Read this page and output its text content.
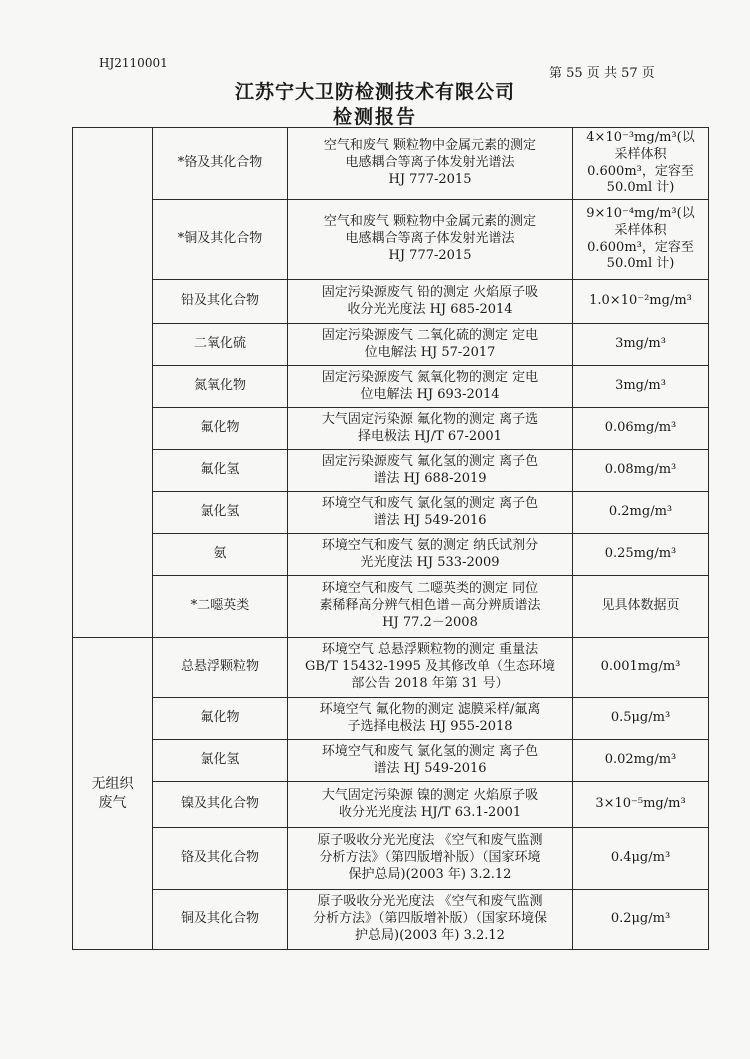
HJ2110001
第 55 页 共 57 页
江苏宁大卫防检测技术有限公司
检测报告
	*铬及其化合物	空气和废气 颗粒物中金属元素的测定
电感耦合等离子体发射光谱法
HJ 777-2015	4×10⁻³mg/m³(以
采样体积
0.600m³，定容至
50.0ml 计)
	*铜及其化合物	空气和废气 颗粒物中金属元素的测定
电感耦合等离子体发射光谱法
HJ 777-2015	9×10⁻⁴mg/m³(以
采样体积
0.600m³，定容至
50.0ml 计)
	铅及其化合物	固定污染源废气 铅的测定 火焰原子吸
收分光光度法 HJ 685-2014	1.0×10⁻²mg/m³
	二氧化硫	固定污染源废气 二氧化硫的测定 定电
位电解法 HJ 57-2017	3mg/m³
	氮氧化物	固定污染源废气 氮氧化物的测定 定电
位电解法 HJ 693-2014	3mg/m³
	氟化物	大气固定污染源 氟化物的测定 离子选
择电极法 HJ/T 67-2001	0.06mg/m³
	氟化氢	固定污染源废气 氟化氢的测定 离子色
谱法 HJ 688-2019	0.08mg/m³
	氯化氢	环境空气和废气 氯化氢的测定 离子色
谱法 HJ 549-2016	0.2mg/m³
	氨	环境空气和废气 氨的测定 纳氏试剂分
光光度法 HJ 533-2009	0.25mg/m³
	*二噁英类	环境空气和废气 二噁英类的测定 同位
素稀释高分辨气相色谱－高分辨质谱法
HJ 77.2－2008	见具体数据页
无组织
废气	总悬浮颗粒物	环境空气 总悬浮颗粒物的测定 重量法
GB/T 15432-1995 及其修改单（生态环境
部公告 2018 年第 31 号）	0.001mg/m³
	氟化物	环境空气 氟化物的测定 滤膜采样/氟离
子选择电极法 HJ 955-2018	0.5μg/m³
	氯化氢	环境空气和废气 氯化氢的测定 离子色
谱法 HJ 549-2016	0.02mg/m³
	镍及其化合物	大气固定污染源 镍的测定 火焰原子吸
收分光光度法 HJ/T 63.1-2001	3×10⁻⁵mg/m³
	铬及其化合物	原子吸收分光光度法 《空气和废气监测
分析方法》（第四版增补版）（国家环境
保护总局)(2003 年) 3.2.12	0.4μg/m³
	铜及其化合物	原子吸收分光光度法 《空气和废气监测
分析方法》（第四版增补版）（国家环境保
护总局)(2003 年) 3.2.12	0.2μg/m³
